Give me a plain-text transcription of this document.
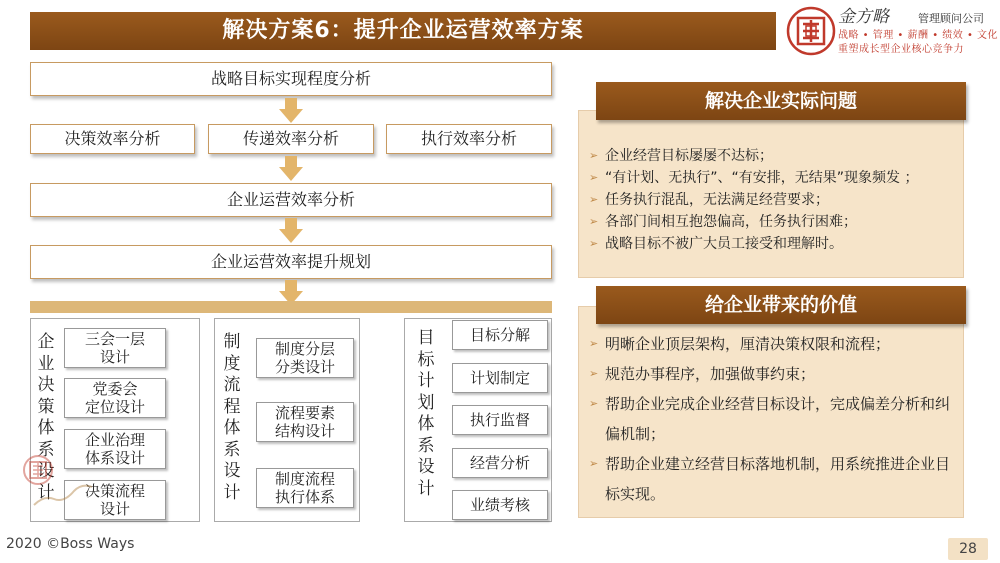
解决方案6：提升企业运营效率方案
金方略	管理顾问公司
战略 • 管理 • 薪酬 • 绩效 • 文化
重塑成长型企业核心竞争力
战略目标实现程度分析
决策效率分析	传递效率分析	执行效率分析
企业运营效率分析
企业运营效率提升规划
企
业
决
策
体
系
设
计
三会一层
设计
党委会
定位设计
企业治理
体系设计
决策流程
设计
制
度
流
程
体
系
设
计
制度分层
分类设计
流程要素
结构设计
制度流程
执行体系
目
标
计
划
体
系
设
计
目标分解
计划制定
执行监督
经营分析
业绩考核
➢ 企业经营目标屡屡不达标；
➢ “有计划、无执行”、“有安排，无结果”现象频发 ；
➢ 任务执行混乱，无法满足经营要求；
➢ 各部门间相互抱怨偏高，任务执行困难；
➢ 战略目标不被广大员工接受和理解时。
解决企业实际问题
➢ 明晰企业顶层架构，厘清决策权限和流程；
➢ 规范办事程序，加强做事约束；
➢ 帮助企业完成企业经营目标设计，完成偏差分析和纠偏机制；
➢ 帮助企业建立经营目标落地机制，用系统推进企业目标实现。
给企业带来的价值
2020 ©Boss Ways	28
